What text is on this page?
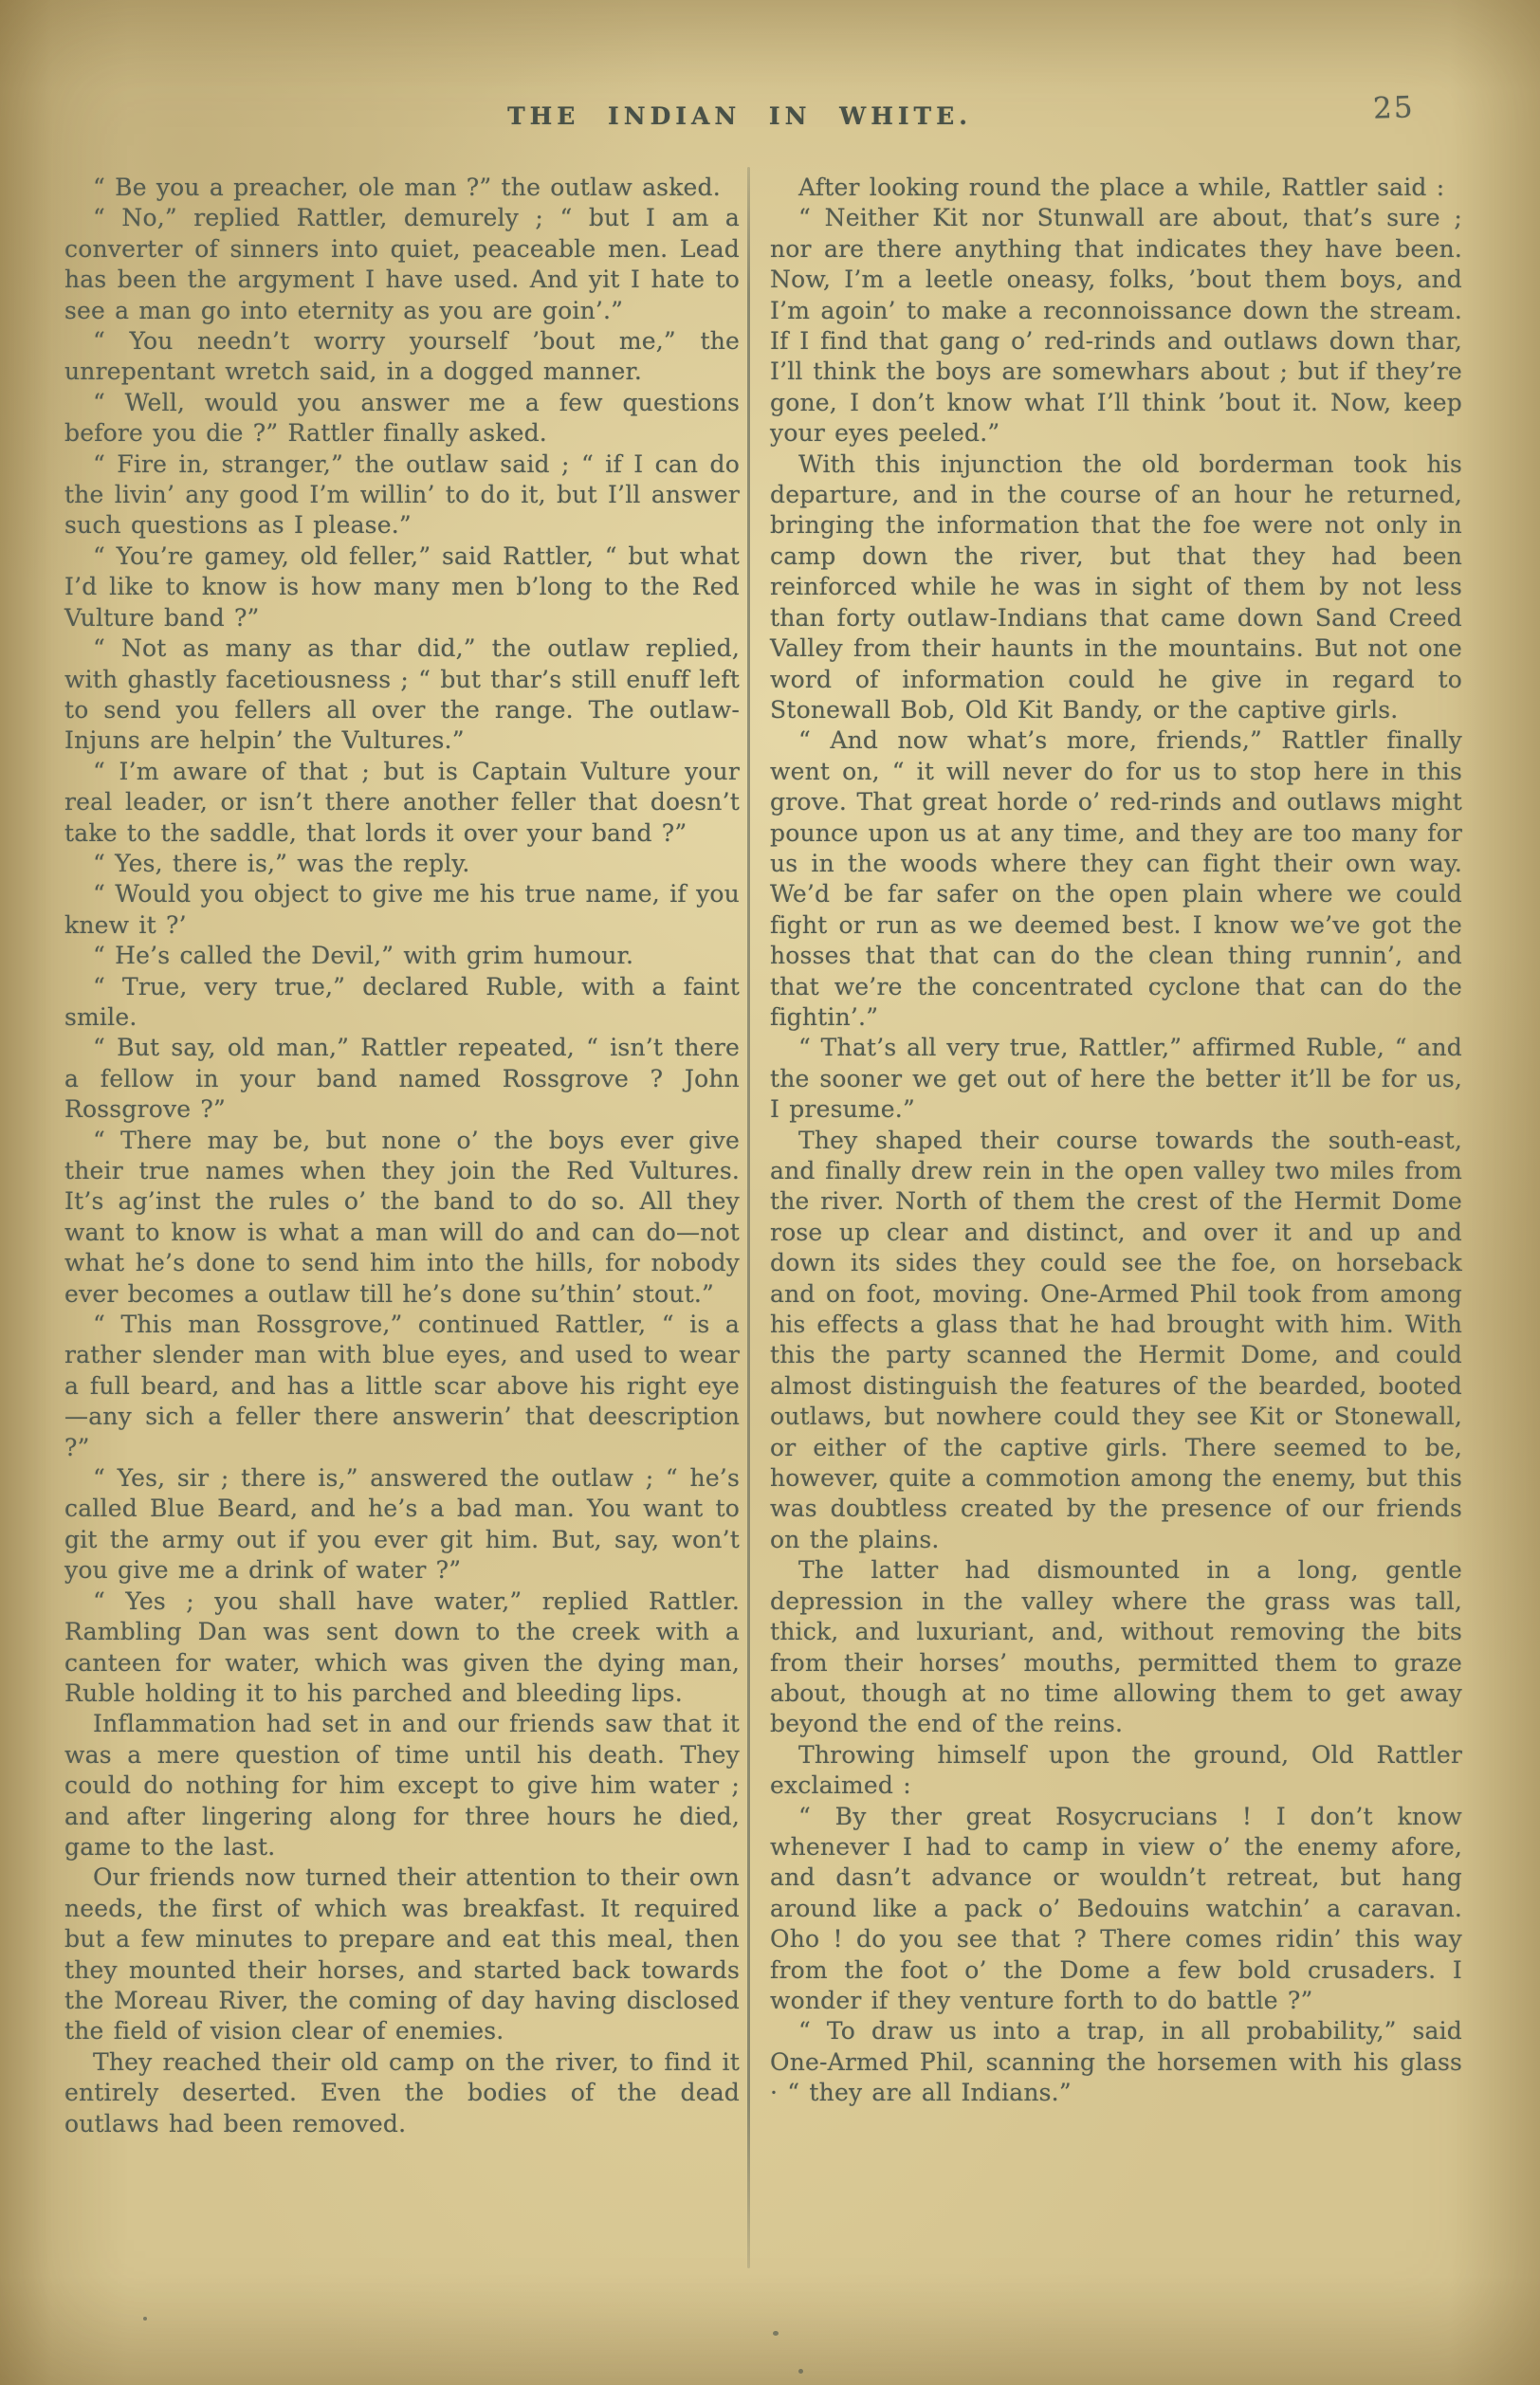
THE INDIAN IN WHITE.	25

“ Be you a preacher, ole man ?” the outlaw asked.

“ No,” replied Rattler, demurely ; “ but I am a converter of sinners into quiet, peaceable men. Lead has been the argyment I have used. And yit I hate to see a man go into eternity as you are goin’.”

“ You needn’t worry yourself ’bout me,” the unrepentant wretch said, in a dogged manner.

“ Well, would you answer me a few questions before you die ?” Rattler finally asked.

“ Fire in, stranger,” the outlaw said ; “ if I can do the livin’ any good I’m willin’ to do it, but I’ll answer such questions as I please.”

“ You’re gamey, old feller,” said Rattler, “ but what I’d like to know is how many men b’long to the Red Vulture band ?”

“ Not as many as thar did,” the outlaw replied, with ghastly facetiousness ; “ but thar’s still enuff left to send you fellers all over the range. The outlaw-Injuns are helpin’ the Vultures.”

“ I’m aware of that ; but is Captain Vulture your real leader, or isn’t there another feller that doesn’t take to the saddle, that lords it over your band ?”

“ Yes, there is,” was the reply.

“ Would you object to give me his true name, if you knew it ?’

“ He’s called the Devil,” with grim humour.

“ True, very true,” declared Ruble, with a faint smile.

“ But say, old man,” Rattler repeated, “ isn’t there a fellow in your band named Rossgrove ? John Rossgrove ?”

“ There may be, but none o’ the boys ever give their true names when they join the Red Vultures. It’s ag’inst the rules o’ the band to do so. All they want to know is what a man will do and can do—not what he’s done to send him into the hills, for nobody ever becomes a outlaw till he’s done su’thin’ stout.”

“ This man Rossgrove,” continued Rattler, “ is a rather slender man with blue eyes, and used to wear a full beard, and has a little scar above his right eye—any sich a feller there answerin’ that deescription ?”

“ Yes, sir ; there is,” answered the outlaw ; “ he’s called Blue Beard, and he’s a bad man. You want to git the army out if you ever git him. But, say, won’t you give me a drink of water ?”

“ Yes ; you shall have water,” replied Rattler. Rambling Dan was sent down to the creek with a canteen for water, which was given the dying man, Ruble holding it to his parched and bleeding lips.

Inflammation had set in and our friends saw that it was a mere question of time until his death. They could do nothing for him except to give him water ; and after lingering along for three hours he died, game to the last.

Our friends now turned their attention to their own needs, the first of which was breakfast. It required but a few minutes to prepare and eat this meal, then they mounted their horses, and started back towards the Moreau River, the coming of day having disclosed the field of vision clear of enemies.

They reached their old camp on the river, to find it entirely deserted. Even the bodies of the dead outlaws had been removed.

After looking round the place a while, Rattler said :

“ Neither Kit nor Stunwall are about, that’s sure ; nor are there anything that indicates they have been. Now, I’m a leetle oneasy, folks, ’bout them boys, and I’m agoin’ to make a reconnoissance down the stream. If I find that gang o’ red-rinds and outlaws down thar, I’ll think the boys are somewhars about ; but if they’re gone, I don’t know what I’ll think ’bout it. Now, keep your eyes peeled.”

With this injunction the old borderman took his departure, and in the course of an hour he returned, bringing the information that the foe were not only in camp down the river, but that they had been reinforced while he was in sight of them by not less than forty outlaw-Indians that came down Sand Creed Valley from their haunts in the mountains. But not one word of information could he give in regard to Stonewall Bob, Old Kit Bandy, or the captive girls.

“ And now what’s more, friends,” Rattler finally went on, “ it will never do for us to stop here in this grove. That great horde o’ red-rinds and outlaws might pounce upon us at any time, and they are too many for us in the woods where they can fight their own way. We’d be far safer on the open plain where we could fight or run as we deemed best. I know we’ve got the hosses that that can do the clean thing runnin’, and that we’re the concentrated cyclone that can do the fightin’.”

“ That’s all very true, Rattler,” affirmed Ruble, “ and the sooner we get out of here the better it’ll be for us, I presume.”

They shaped their course towards the south-east, and finally drew rein in the open valley two miles from the river. North of them the crest of the Hermit Dome rose up clear and distinct, and over it and up and down its sides they could see the foe, on horseback and on foot, moving. One-Armed Phil took from among his effects a glass that he had brought with him. With this the party scanned the Hermit Dome, and could almost distinguish the features of the bearded, booted outlaws, but nowhere could they see Kit or Stonewall, or either of the captive girls. There seemed to be, however, quite a commotion among the enemy, but this was doubtless created by the presence of our friends on the plains.

The latter had dismounted in a long, gentle depression in the valley where the grass was tall, thick, and luxuriant, and, without removing the bits from their horses’ mouths, permitted them to graze about, though at no time allowing them to get away beyond the end of the reins.

Throwing himself upon the ground, Old Rattler exclaimed :

“ By ther great Rosycrucians ! I don’t know whenever I had to camp in view o’ the enemy afore, and dasn’t advance or wouldn’t retreat, but hang around like a pack o’ Bedouins watchin’ a caravan. Oho ! do you see that ? There comes ridin’ this way from the foot o’ the Dome a few bold crusaders. I wonder if they venture forth to do battle ?”

“ To draw us into a trap, in all probability,” said One-Armed Phil, scanning the horsemen with his glass · “ they are all Indians.”
